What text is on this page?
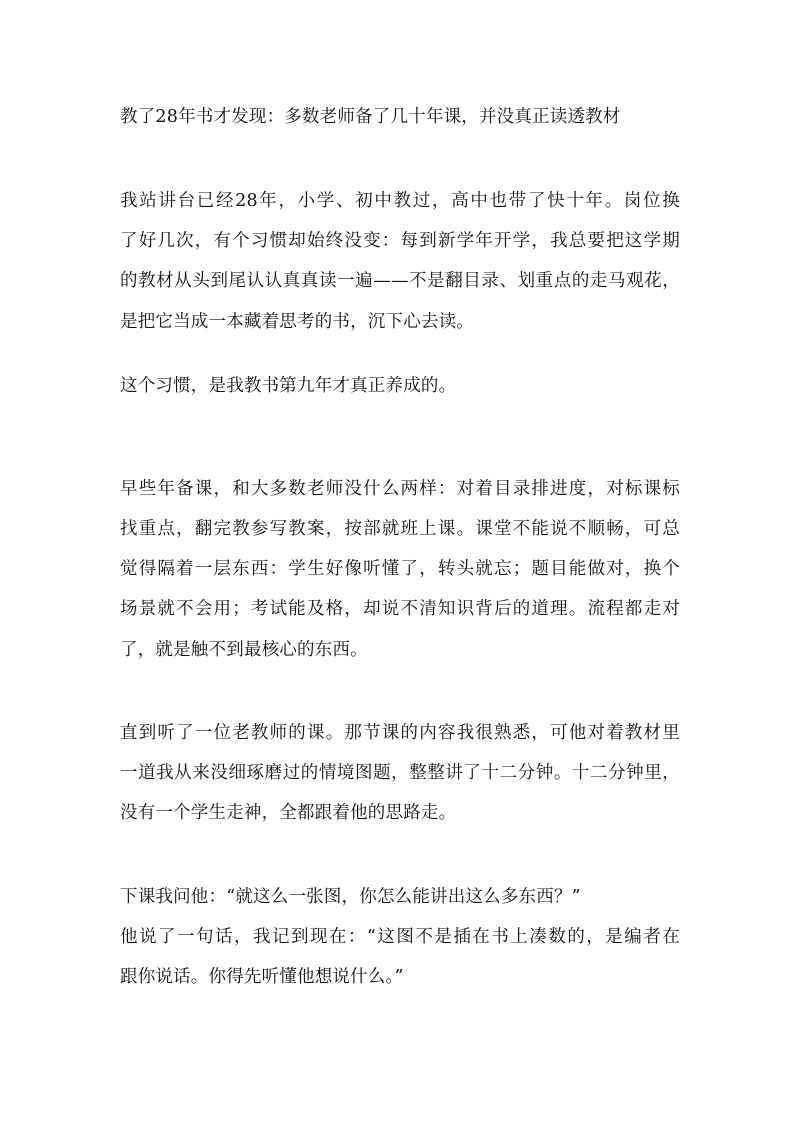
教了28年书才发现：多数老师备了几十年课，并没真正读透教材
我站讲台已经28年，小学、初中教过，高中也带了快十年。岗位换
了好几次，有个习惯却始终没变：每到新学年开学，我总要把这学期
的教材从头到尾认认真真读一遍——不是翻目录、划重点的走马观花，
是把它当成一本藏着思考的书，沉下心去读。
这个习惯，是我教书第九年才真正养成的。
早些年备课，和大多数老师没什么两样：对着目录排进度，对标课标
找重点，翻完教参写教案，按部就班上课。课堂不能说不顺畅，可总
觉得隔着一层东西：学生好像听懂了，转头就忘；题目能做对，换个
场景就不会用；考试能及格，却说不清知识背后的道理。流程都走对
了，就是触不到最核心的东西。
直到听了一位老教师的课。那节课的内容我很熟悉，可他对着教材里
一道我从来没细琢磨过的情境图题，整整讲了十二分钟。十二分钟里，
没有一个学生走神，全都跟着他的思路走。
下课我问他：“就这么一张图，你怎么能讲出这么多东西？”
他说了一句话，我记到现在：“这图不是插在书上凑数的，是编者在
跟你说话。你得先听懂他想说什么。”
